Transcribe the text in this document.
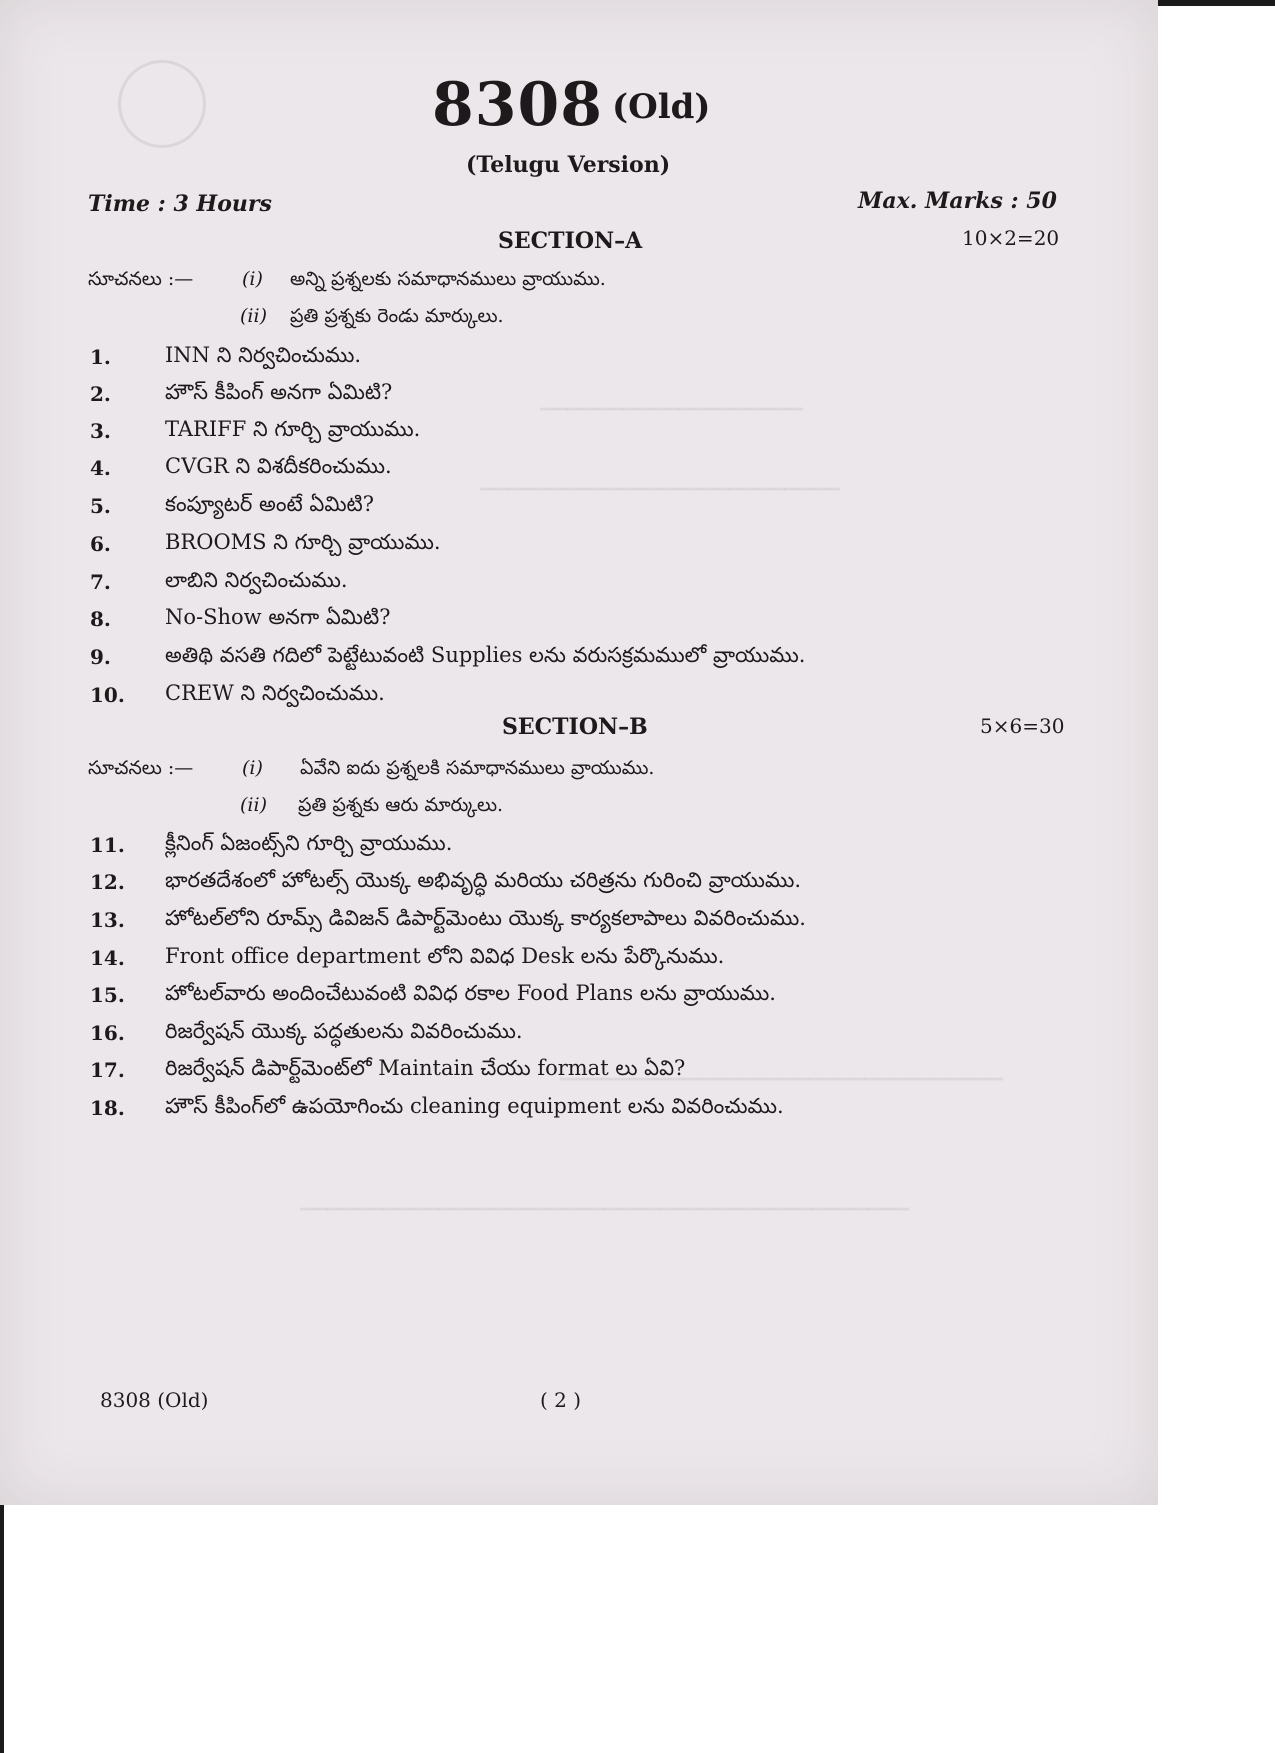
▁▁▁▁▁▁▁▁▁▁▁▁▁▁▁▁▁▁▁
▁▁▁▁▁▁▁▁▁▁▁▁▁▁▁▁▁▁▁▁▁▁▁▁▁▁
▁▁▁▁▁▁▁▁▁▁▁▁▁▁▁▁▁▁▁▁▁▁▁▁▁▁▁▁▁▁▁▁
▁▁▁▁▁▁▁▁▁▁▁▁▁▁▁▁▁▁▁▁▁▁▁▁▁▁▁▁▁▁▁▁▁▁▁▁▁▁▁▁▁▁▁▁
8308 (Old)
(Telugu Version)
Time : 3 Hours	Max. Marks : 50
SECTION–A	10×2=20
సూచనలు :—	(i) అన్ని ప్రశ్నలకు సమాధానములు వ్రాయుము.
(ii) ప్రతి ప్రశ్నకు రెండు మార్కులు.
1.	INN ని నిర్వచించుము.
2.	హౌస్ కీపింగ్ అనగా ఏమిటి?
3.	TARIFF ని గూర్చి వ్రాయుము.
4.	CVGR ని విశదీకరించుము.
5.	కంప్యూటర్ అంటే ఏమిటి?
6.	BROOMS ని గూర్చి వ్రాయుము.
7.	లాబిని నిర్వచించుము.
8.	No-Show అనగా ఏమిటి?
9.	అతిథి వసతి గదిలో పెట్టేటువంటి Supplies లను వరుసక్రమములో వ్రాయుము.
10. CREW ని నిర్వచించుము.
SECTION–B	5×6=30
సూచనలు :—	(i) ఏవేని ఐదు ప్రశ్నలకి సమాధానములు వ్రాయుము.
(ii) ప్రతి ప్రశ్నకు ఆరు మార్కులు.
11. క్లీనింగ్ ఏజంట్స్‌ని గూర్చి వ్రాయుము.
12. భారతదేశంలో హోటల్స్ యొక్క అభివృద్ధి మరియు చరిత్రను గురించి వ్రాయుము.
13. హోటల్‌లోని రూమ్స్ డివిజన్ డిపార్ట్‌మెంటు యొక్క కార్యకలాపాలు వివరించుము.
14. Front office department లోని వివిధ Desk లను పేర్కొనుము.
15. హోటల్‌వారు అందించేటువంటి వివిధ రకాల Food Plans లను వ్రాయుము.
16. రిజర్వేషన్ యొక్క పద్ధతులను వివరించుము.
17. రిజర్వేషన్ డిపార్ట్‌మెంట్‌లో Maintain చేయు format లు ఏవి?
18. హౌస్ కీపింగ్‌లో ఉపయోగించు cleaning equipment లను వివరించుము.
8308 (Old)	( 2 )
